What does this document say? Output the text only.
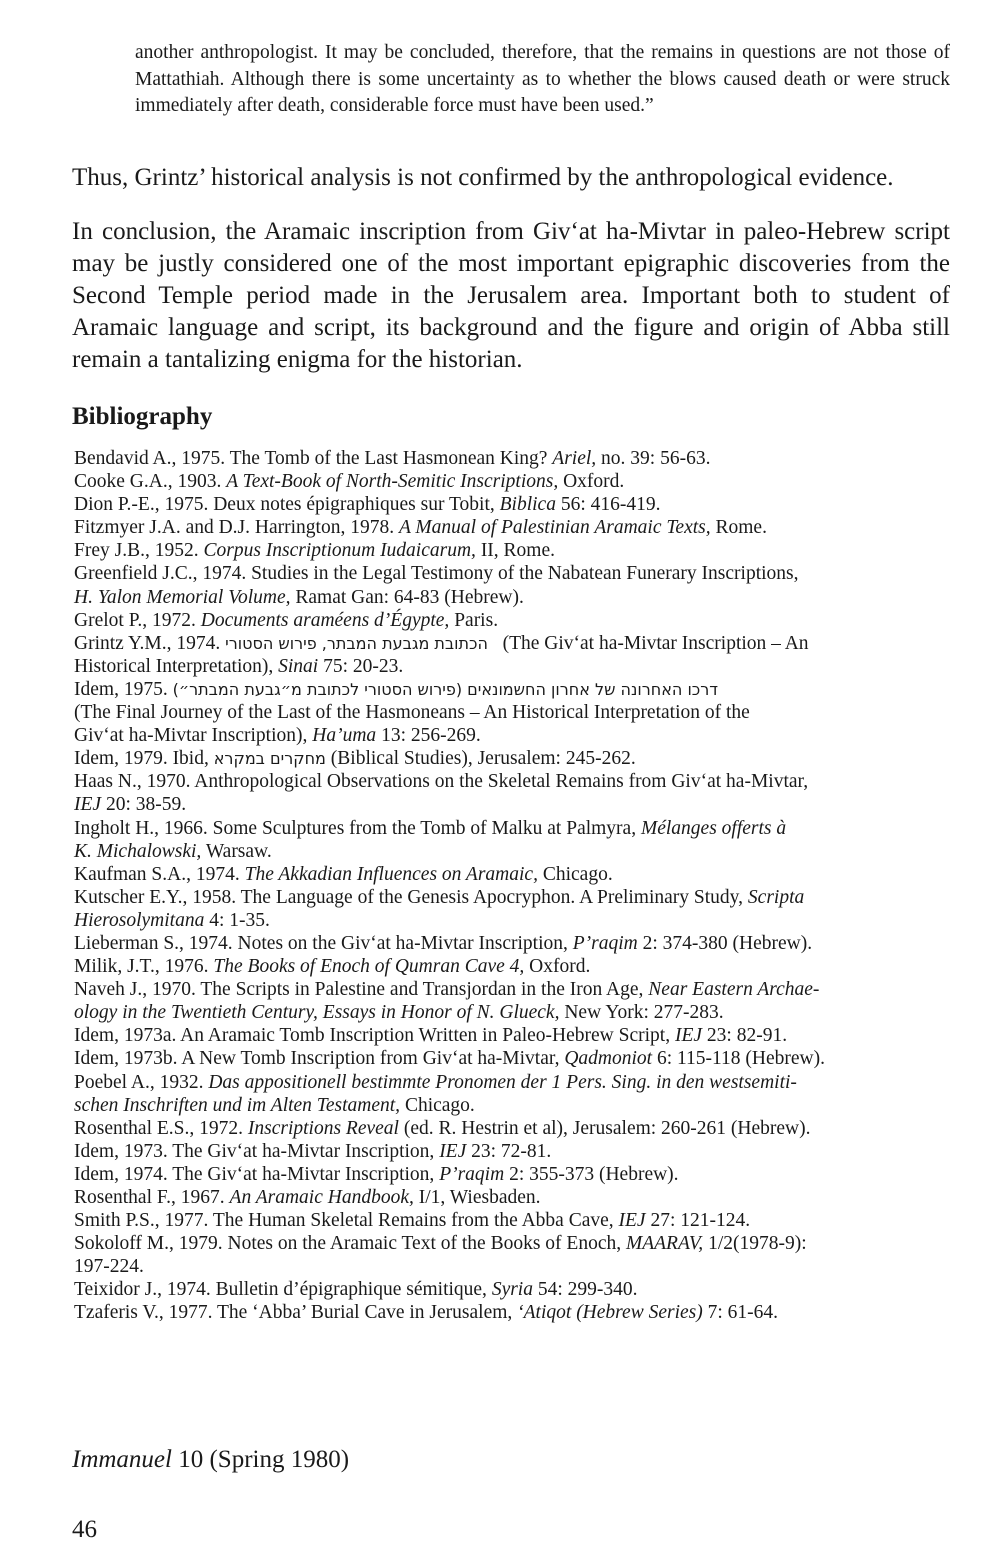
another anthropologist. It may be concluded, therefore, that the remains in questions are not those of Mattathiah. Although there is some uncertainty as to whether the blows caused death or were struck immediately after death, considerable force must have been used.”
Thus, Grintz’ historical analysis is not confirmed by the anthropological evidence.
In conclusion, the Aramaic inscription from Giv‘at ha-Mivtar in paleo-Hebrew script may be justly considered one of the most important epigraphic discoveries from the Second Temple period made in the Jerusalem area. Important both to student of Aramaic language and script, its background and the figure and origin of Abba still remain a tantalizing enigma for the historian.
Bibliography
Bendavid A., 1975. The Tomb of the Last Hasmonean King? Ariel, no. 39: 56-63.
Cooke G.A., 1903. A Text-Book of North-Semitic Inscriptions, Oxford.
Dion P.-E., 1975. Deux notes épigraphiques sur Tobit, Biblica 56: 416-419.
Fitzmyer J.A. and D.J. Harrington, 1978. A Manual of Palestinian Aramaic Texts, Rome.
Frey J.B., 1952. Corpus Inscriptionum Iudaicarum, II, Rome.
Greenfield J.C., 1974. Studies in the Legal Testimony of the Nabatean Funerary Inscriptions,
H. Yalon Memorial Volume, Ramat Gan: 64-83 (Hebrew).
Grelot P., 1972. Documents araméens d’Égypte, Paris.
Grintz Y.M., 1974. הכתובת מגבעת המבתר, פירוש הסטורי   (The Giv‘at ha-Mivtar Inscription – An
Historical Interpretation), Sinai 75: 20-23.
Idem, 1975. דרכו האחרונה של אחרון החשמונאים (פירוש הסטורי לכתובת מ״גבעת המבתר״)
(The Final Journey of the Last of the Hasmoneans – An Historical Interpretation of the
Giv‘at ha-Mivtar Inscription), Ha’uma 13: 256-269.
Idem, 1979. Ibid, מחקרים במקרא (Biblical Studies), Jerusalem: 245-262.
Haas N., 1970. Anthropological Observations on the Skeletal Remains from Giv‘at ha-Mivtar,
IEJ 20: 38-59.
Ingholt H., 1966. Some Sculptures from the Tomb of Malku at Palmyra, Mélanges offerts à
K. Michalowski, Warsaw.
Kaufman S.A., 1974. The Akkadian Influences on Aramaic, Chicago.
Kutscher E.Y., 1958. The Language of the Genesis Apocryphon. A Preliminary Study, Scripta
Hierosolymitana 4: 1-35.
Lieberman S., 1974. Notes on the Giv‘at ha-Mivtar Inscription, P’raqim 2: 374-380 (Hebrew).
Milik, J.T., 1976. The Books of Enoch of Qumran Cave 4, Oxford.
Naveh J., 1970. The Scripts in Palestine and Transjordan in the Iron Age, Near Eastern Archae-
ology in the Twentieth Century, Essays in Honor of N. Glueck, New York: 277-283.
Idem, 1973a. An Aramaic Tomb Inscription Written in Paleo-Hebrew Script, IEJ 23: 82-91.
Idem, 1973b. A New Tomb Inscription from Giv‘at ha-Mivtar, Qadmoniot 6: 115-118 (Hebrew).
Poebel A., 1932. Das appositionell bestimmte Pronomen der 1 Pers. Sing. in den westsemiti-
schen Inschriften und im Alten Testament, Chicago.
Rosenthal E.S., 1972. Inscriptions Reveal (ed. R. Hestrin et al), Jerusalem: 260-261 (Hebrew).
Idem, 1973. The Giv‘at ha-Mivtar Inscription, IEJ 23: 72-81.
Idem, 1974. The Giv‘at ha-Mivtar Inscription, P’raqim 2: 355-373 (Hebrew).
Rosenthal F., 1967. An Aramaic Handbook, I/1, Wiesbaden.
Smith P.S., 1977. The Human Skeletal Remains from the Abba Cave, IEJ 27: 121-124.
Sokoloff M., 1979. Notes on the Aramaic Text of the Books of Enoch, MAARAV, 1/2(1978-9):
197-224.
Teixidor J., 1974. Bulletin d’épigraphique sémitique, Syria 54: 299-340.
Tzaferis V., 1977. The ‘Abba’ Burial Cave in Jerusalem, ‘Atiqot (Hebrew Series) 7: 61-64.
Immanuel 10 (Spring 1980)
46
